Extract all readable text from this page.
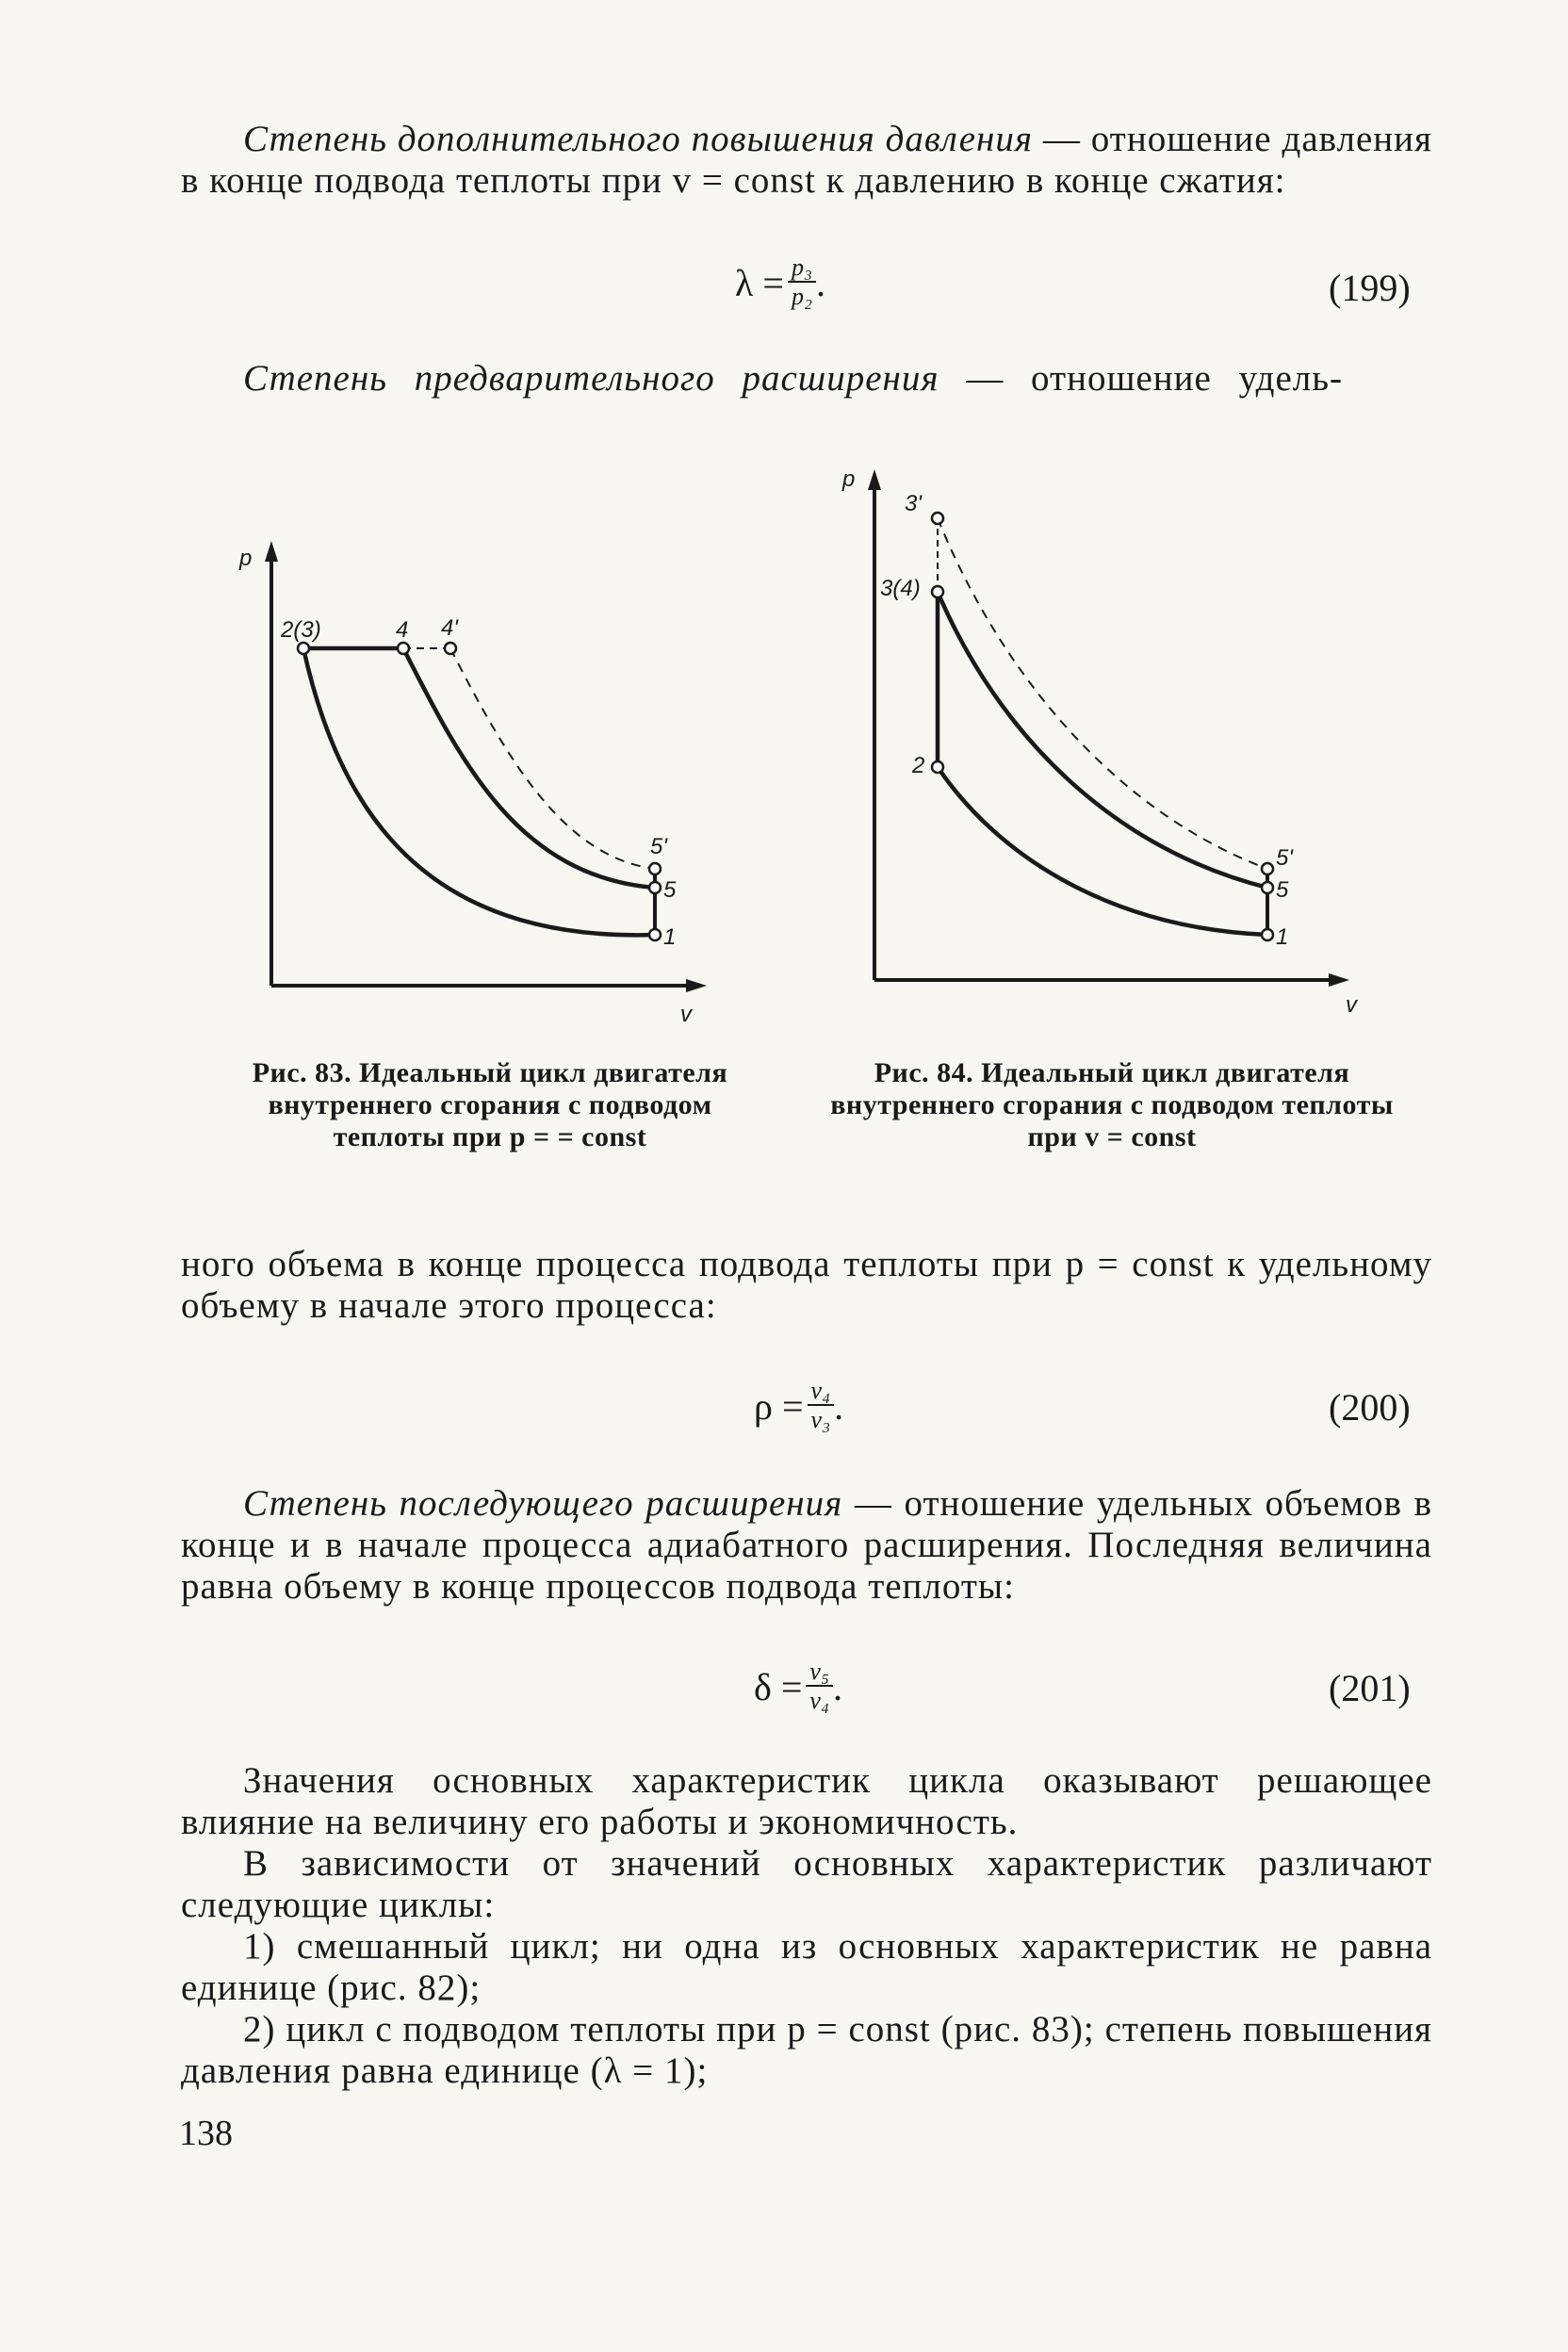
Степень дополнительного повышения давления — отношение давления в конце подвода теплоты при v = const к давлению в конце сжатия:
$\lambda = \frac{\text{p₃}}{\text{p₂}}$ .	(199)
Степень предварительного расширения — отношение удель-
p
v
2(3)	4 4'
5'
5
1
Рис. 83. Идеальный цикл двигателя внутреннего сгорания с подводом теплоты при p = = const
p
v
3'
3(4)
2
5'
5
1
Рис. 84. Идеальный цикл двигателя внутреннего сгорания с подводом теплоты при v = const
ного объема в конце процесса подвода теплоты при p = const к удельному объему в начале этого процесса:
$\rho = \frac{\text{v₄}}{\text{v₃}}$ .	(200)
Степень последующего расширения — отношение удельных объемов в конце и в начале процесса адиабатного расширения. Последняя величина равна объему в конце процессов подвода теплоты:
$\delta = \frac{\text{v₅}}{\text{v₄}}$ .	(201)
Значения основных характеристик цикла оказывают решающее влияние на величину его работы и экономичность.
В зависимости от значений основных характеристик различают следующие циклы:
1) смешанный цикл; ни одна из основных характеристик не равна единице (рис. 82);
2) цикл с подводом теплоты при p = const (рис. 83); степень повышения давления равна единице (λ = 1);
138
